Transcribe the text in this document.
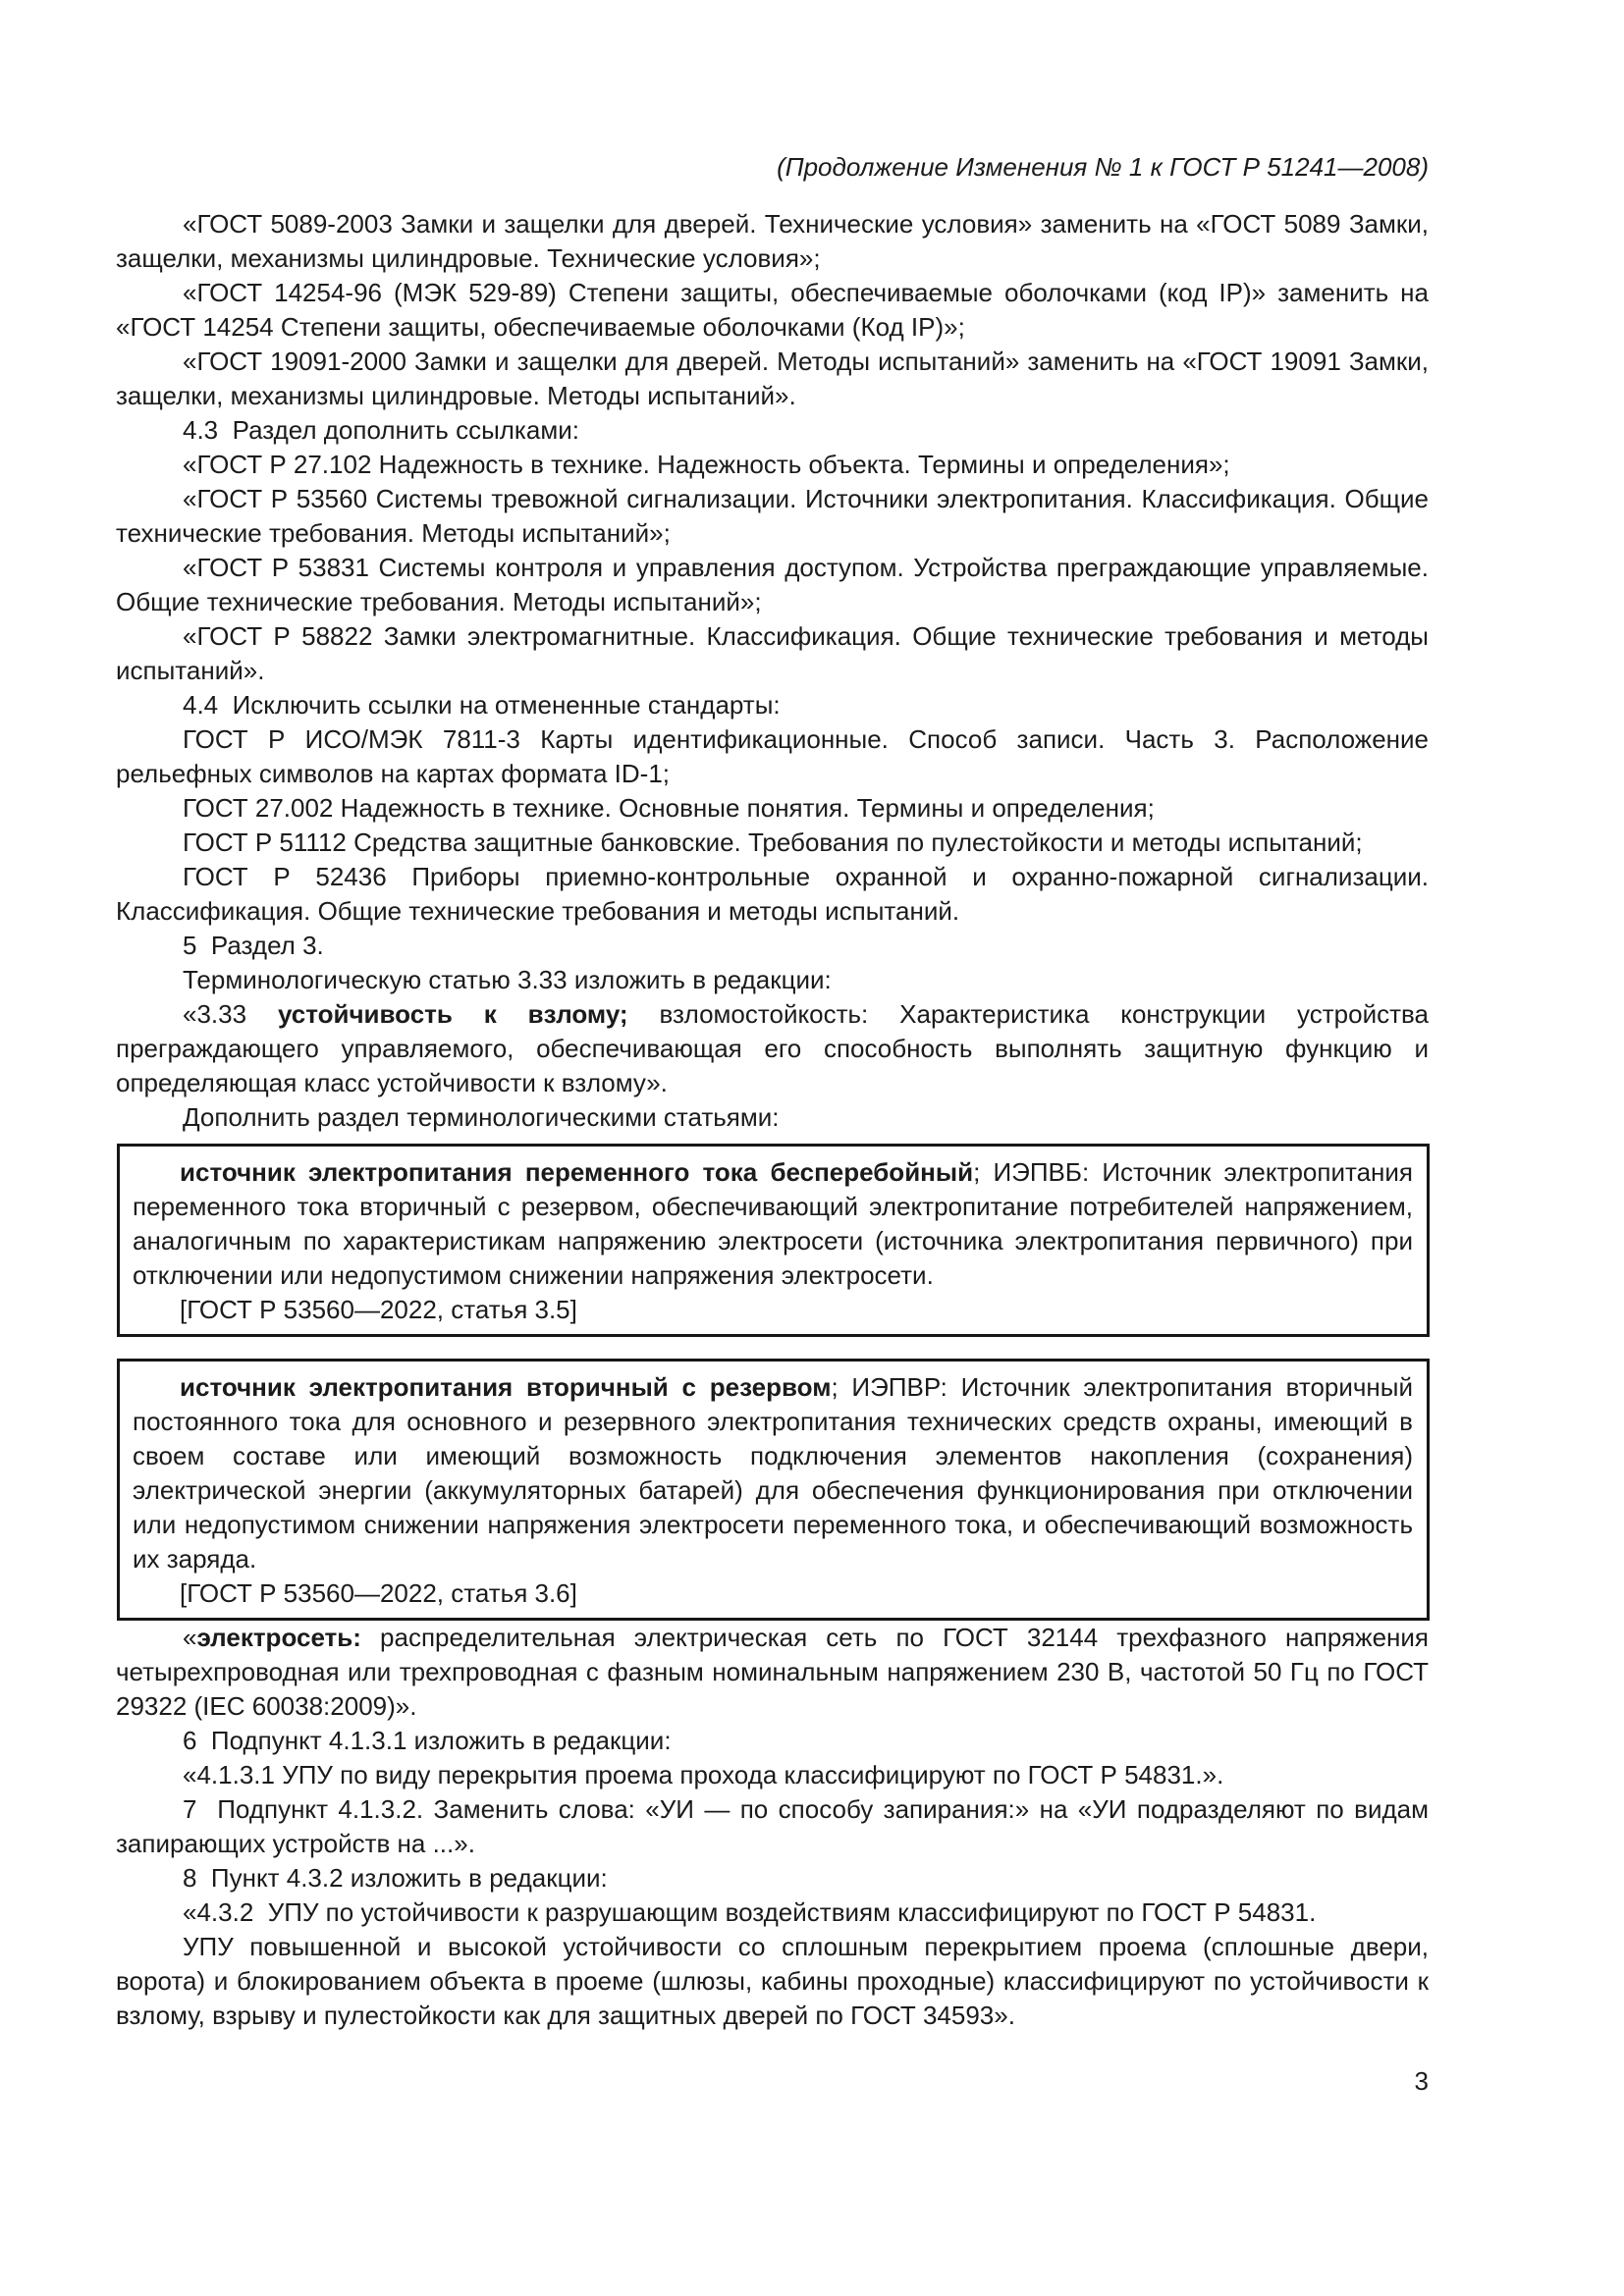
(Продолжение Изменения № 1 к ГОСТ Р 51241—2008)

«ГОСТ 5089-2003 Замки и защелки для дверей. Технические условия» заменить на «ГОСТ 5089 Замки, защелки, механизмы цилиндровые. Технические условия»;

«ГОСТ 14254-96 (МЭК 529-89) Степени защиты, обеспечиваемые оболочками (код IP)» заменить на «ГОСТ 14254 Степени защиты, обеспечиваемые оболочками (Код IP)»;

«ГОСТ 19091-2000 Замки и защелки для дверей. Методы испытаний» заменить на «ГОСТ 19091 Замки, защелки, механизмы цилиндровые. Методы испытаний».

4.3  Раздел дополнить ссылками:

«ГОСТ Р 27.102 Надежность в технике. Надежность объекта. Термины и определения»;

«ГОСТ Р 53560 Системы тревожной сигнализации. Источники электропитания. Классификация. Общие технические требования. Методы испытаний»;

«ГОСТ Р 53831 Системы контроля и управления доступом. Устройства преграждающие управляемые. Общие технические требования. Методы испытаний»;

«ГОСТ Р 58822 Замки электромагнитные. Классификация. Общие технические требования и методы испытаний».

4.4  Исключить ссылки на отмененные стандарты:

ГОСТ Р ИСО/МЭК 7811-3 Карты идентификационные. Способ записи. Часть 3. Расположение рельефных символов на картах формата ID-1;

ГОСТ 27.002 Надежность в технике. Основные понятия. Термины и определения;

ГОСТ Р 51112 Средства защитные банковские. Требования по пулестойкости и методы испытаний;

ГОСТ Р 52436 Приборы приемно-контрольные охранной и охранно-пожарной сигнализации. Классификация. Общие технические требования и методы испытаний.

5  Раздел 3.

Терминологическую статью 3.33 изложить в редакции:

«3.33 устойчивость к взлому; взломостойкость: Характеристика конструкции устройства преграждающего управляемого, обеспечивающая его способность выполнять защитную функцию и определяющая класс устойчивости к взлому».

Дополнить раздел терминологическими статьями:

источник электропитания переменного тока бесперебойный; ИЭПВБ: Источник электропитания переменного тока вторичный с резервом, обеспечивающий электропитание потребителей напряжением, аналогичным по характеристикам напряжению электросети (источника электропитания первичного) при отключении или недопустимом снижении напряжения электросети.

[ГОСТ Р 53560—2022, статья 3.5]

источник электропитания вторичный с резервом; ИЭПВР: Источник электропитания вторичный постоянного тока для основного и резервного электропитания технических средств охраны, имеющий в своем составе или имеющий возможность подключения элементов накопления (сохранения) электрической энергии (аккумуляторных батарей) для обеспечения функционирования при отключении или недопустимом снижении напряжения электросети переменного тока, и обеспечивающий возможность их заряда.

[ГОСТ Р 53560—2022, статья 3.6]

«электросеть: распределительная электрическая сеть по ГОСТ 32144 трехфазного напряжения четырехпроводная или трехпроводная с фазным номинальным напряжением 230 В, частотой 50 Гц по ГОСТ 29322 (IEC 60038:2009)».

6  Подпункт 4.1.3.1 изложить в редакции:

«4.1.3.1 УПУ по виду перекрытия проема прохода классифицируют по ГОСТ Р 54831.».

7  Подпункт 4.1.3.2. Заменить слова: «УИ — по способу запирания:» на «УИ подразделяют по видам запирающих устройств на ...».

8  Пункт 4.3.2 изложить в редакции:

«4.3.2  УПУ по устойчивости к разрушающим воздействиям классифицируют по ГОСТ Р 54831.

УПУ повышенной и высокой устойчивости со сплошным перекрытием проема (сплошные двери, ворота) и блокированием объекта в проеме (шлюзы, кабины проходные) классифицируют по устойчивости к взлому, взрыву и пулестойкости как для защитных дверей по ГОСТ 34593».

3
